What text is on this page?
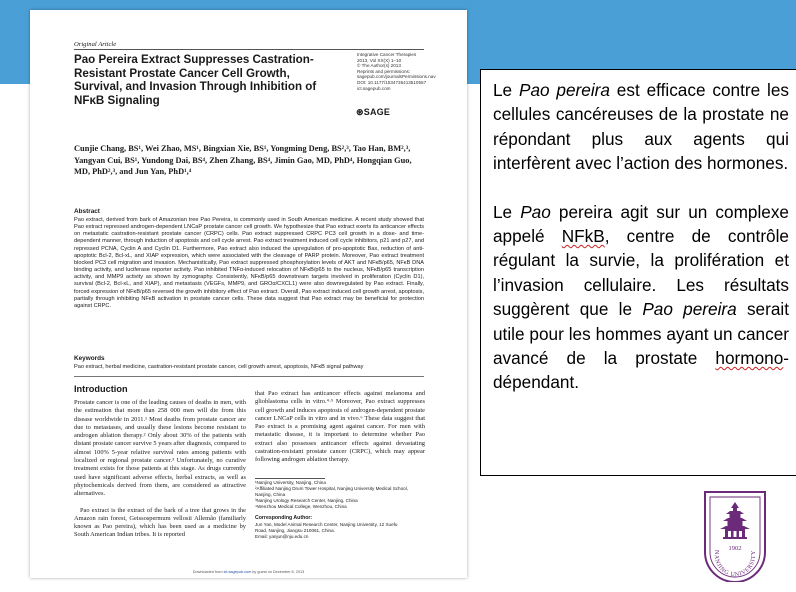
Original Article
Pao Pereira Extract Suppresses Castration-Resistant Prostate Cancer Cell Growth, Survival, and Invasion Through Inhibition of NFκB Signaling
Integrative Cancer Therapies
2013, Vol XX(X) 1–10
© The Author(s) 2013
Reprints and permissions:
sagepub.com/journalsPermissions.nav
DOI: 10.1177/1534735413510557
ict.sagepub.com
⊛SAGE
Cunjie Chang, BS¹, Wei Zhao, MS¹, Bingxian Xie, BS¹, Yongming Deng, BS²,³, Tao Han, BM²,³, Yangyan Cui, BS¹, Yundong Dai, BS⁴, Zhen Zhang, BS⁴, Jimin Gao, MD, PhD⁴, Hongqian Guo, MD, PhD²,³, and Jun Yan, PhD¹,⁴
Abstract
Pao extract, derived from bark of Amazonian tree Pao Pereira, is commonly used in South American medicine. A recent study showed that Pao extract repressed androgen-dependent LNCaP prostate cancer cell growth. We hypothesize that Pao extract exerts its anticancer effects on metastatic castration-resistant prostate cancer (CRPC) cells. Pao extract suppressed CRPC PC3 cell growth in a dose- and time-dependent manner, through induction of apoptosis and cell cycle arrest. Pao extract treatment induced cell cycle inhibitors, p21 and p27, and repressed PCNA, Cyclin A and Cyclin D1. Furthermore, Pao extract also induced the upregulation of pro-apoptotic Bax, reduction of anti-apoptotic Bcl-2, Bcl-xL, and XIAP expression, which were associated with the cleavage of PARP protein. Moreover, Pao extract treatment blocked PC3 cell migration and invasion. Mechanistically, Pao extract suppressed phosphorylation levels of AKT and NFκB/p65, NFκB DNA binding activity, and luciferase reporter activity. Pao inhibited TNFα-induced relocation of NFκB/p65 to the nucleus, NFκB/p65 transcription activity, and MMP9 activity as shown by zymography. Consistently, NFκB/p65 downstream targets involved in proliferation (Cyclin D1), survival (Bcl-2, Bcl-xL, and XIAP), and metastasis (VEGFs, MMP9, and GROα/CXCL1) were also downregulated by Pao extract. Finally, forced expression of NFκB/p65 reversed the growth inhibitory effect of Pao extract. Overall, Pao extract induced cell growth arrest, apoptosis, partially through inhibiting NFκB activation in prostate cancer cells. These data suggest that Pao extract may be beneficial for protection against CRPC.
Keywords
Pao extract, herbal medicine, castration-resistant prostate cancer, cell growth arrest, apoptosis, NFκB signal pathway
Introduction

Prostate cancer is one of the leading causes of deaths in men, with the estimation that more than 258 000 men will die from this disease worldwide in 2011.¹ Most deaths from prostate cancer are due to metastases, and usually these lesions become resistant to androgen ablation therapy.² Only about 30% of the patients with distant prostate cancer survive 5 years after diagnosis, compared to almost 100% 5-year relative survival rates among patients with localized or regional prostate cancer.³ Unfortunately, no curative treatment exists for those patients at this stage. As drugs currently used have significant adverse effects, herbal extracts, as well as phytochemicals derived from them, are considered as attractive alternatives.

Pao extract is the extract of the bark of a tree that grows in the Amazon rain forest, Geissospermum vellosii Allemão (familiarly known as Pao pereira), which has been used as a medicine by South American Indian tribes. It is reported

that Pao extract has anticancer effects against melanoma and glioblastoma cells in vitro.⁴·⁵ Moreover, Pao extract suppresses cell growth and induces apoptosis of androgen-dependent prostate cancer LNCaP cells in vitro and in vivo.⁶ These data suggest that Pao extract is a promising agent against cancer. For men with metastatic disease, it is important to determine whether Pao extract also possesses anticancer effects against devastating castration-resistant prostate cancer (CRPC), which may appear following androgen ablation therapy.

¹Nanjing University, Nanjing, China
²Affiliated Nanjing Drum Tower Hospital, Nanjing University Medical School, Nanjing, China
³Nanjing Urology Research Center, Nanjing, China
⁴Wenzhou Medical College, Wenzhou, China
Corresponding Author:
Jun Yan, Model Animal Research Center, Nanjing University, 12 Xuefu
Road, Nanjing, Jiangsu 210061, China.
Email: yanjun@nju.edu.cn
Downloaded from ict.sagepub.com by guest on December 8, 2013

Le Pao pereira est efficace contre les cellules cancéreuses de la prostate ne répondant plus aux agents qui interfèrent avec l’action des hormones.

Le Pao pereira agit sur un complexe appelé NFkB, centre de contrôle régulant la survie, la prolifération et l’invasion cellulaire. Les résultats suggèrent que le Pao pereira serait utile pour les hommes ayant un cancer avancé de la prostate hormono-dépendant.

1902
NANJING UNIVERSITY
